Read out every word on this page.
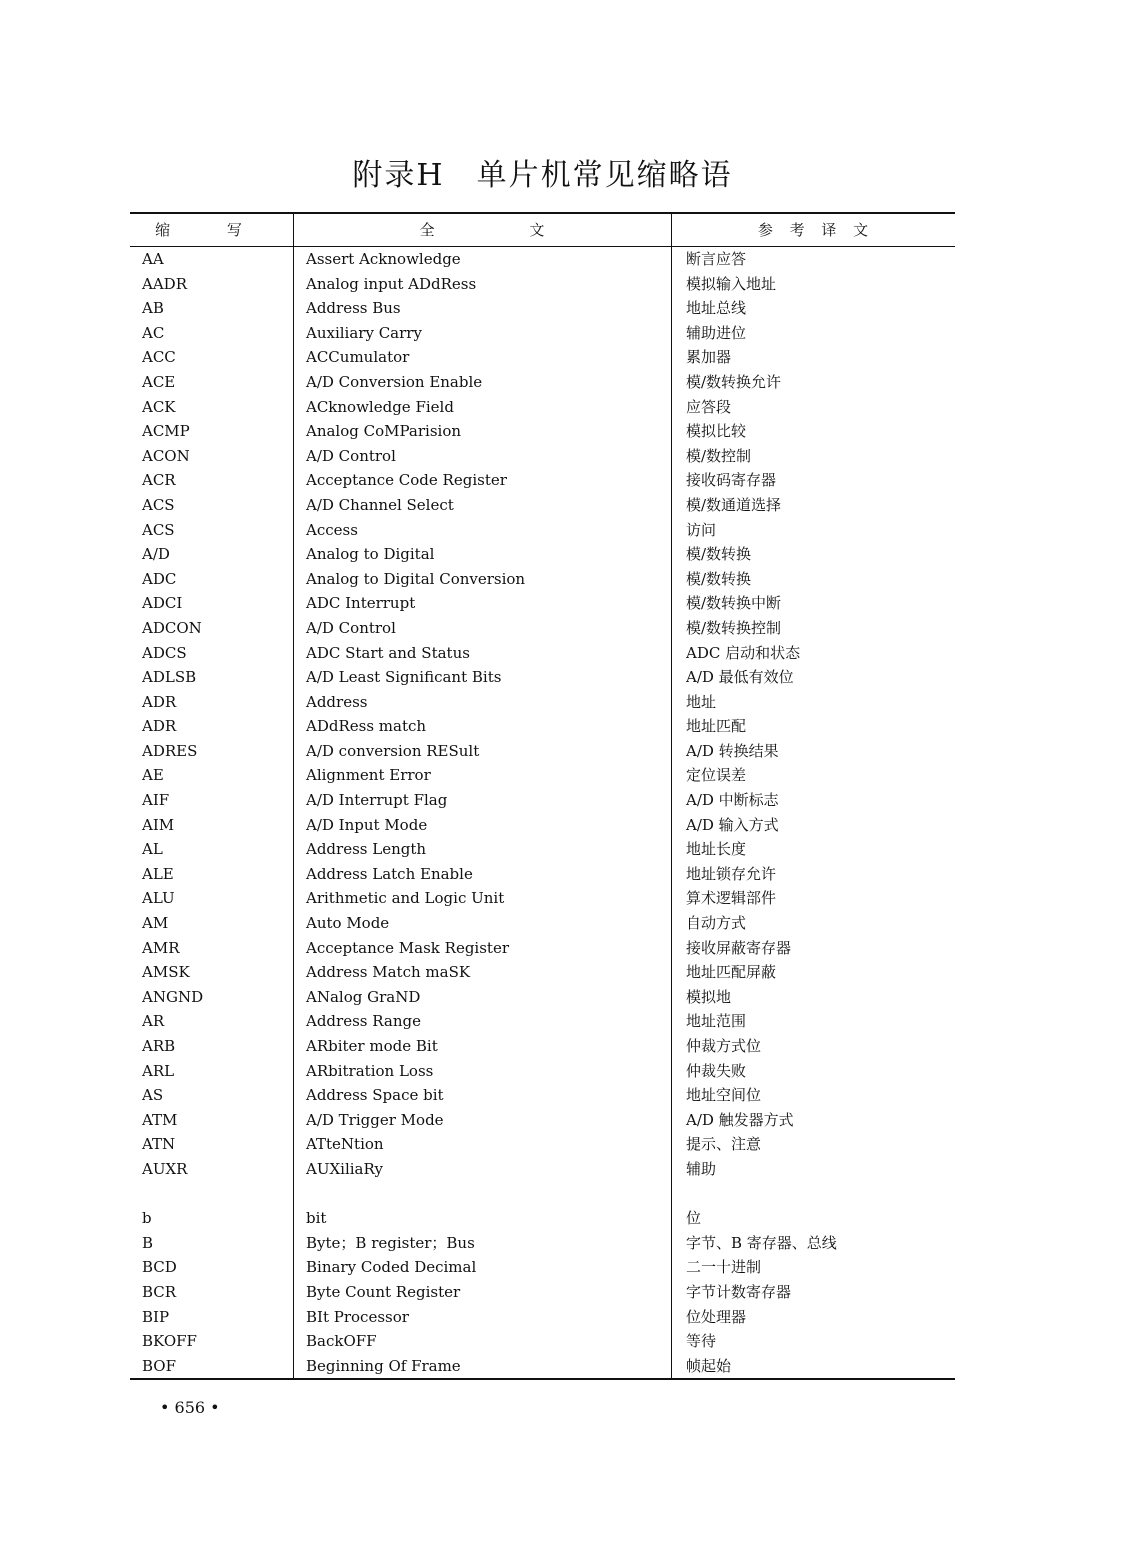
附录H　单片机常见缩略语
缩 写	全 文	参 考 译 文
AA	Assert Acknowledge	断言应答
AADR	Analog input ADdRess	模拟输入地址
AB	Address Bus	地址总线
AC	Auxiliary Carry	辅助进位
ACC	ACCumulator	累加器
ACE	A/D Conversion Enable	模/数转换允许
ACK	ACknowledge Field	应答段
ACMP	Analog CoMParision	模拟比较
ACON	A/D Control	模/数控制
ACR	Acceptance Code Register	接收码寄存器
ACS	A/D Channel Select	模/数通道选择
ACS	Access	访问
A/D	Analog to Digital	模/数转换
ADC	Analog to Digital Conversion	模/数转换
ADCI	ADC Interrupt	模/数转换中断
ADCON	A/D Control	模/数转换控制
ADCS	ADC Start and Status	ADC 启动和状态
ADLSB	A/D Least Significant Bits	A/D 最低有效位
ADR	Address	地址
ADR	ADdRess match	地址匹配
ADRES	A/D conversion RESult	A/D 转换结果
AE	Alignment Error	定位误差
AIF	A/D Interrupt Flag	A/D 中断标志
AIM	A/D Input Mode	A/D 输入方式
AL	Address Length	地址长度
ALE	Address Latch Enable	地址锁存允许
ALU	Arithmetic and Logic Unit	算术逻辑部件
AM	Auto Mode	自动方式
AMR	Acceptance Mask Register	接收屏蔽寄存器
AMSK	Address Match maSK	地址匹配屏蔽
ANGND	ANalog GraND	模拟地
AR	Address Range	地址范围
ARB	ARbiter mode Bit	仲裁方式位
ARL	ARbitration Loss	仲裁失败
AS	Address Space bit	地址空间位
ATM	A/D Trigger Mode	A/D 触发器方式
ATN	ATteNtion	提示、注意
AUXR	AUXiliaRy	辅助
b	bit	位
B	Byte；B register；Bus	字节、B 寄存器、总线
BCD	Binary Coded Decimal	二一十进制
BCR	Byte Count Register	字节计数寄存器
BIP	BIt Processor	位处理器
BKOFF	BackOFF	等待
BOF	Beginning Of Frame	帧起始
• 656 •
